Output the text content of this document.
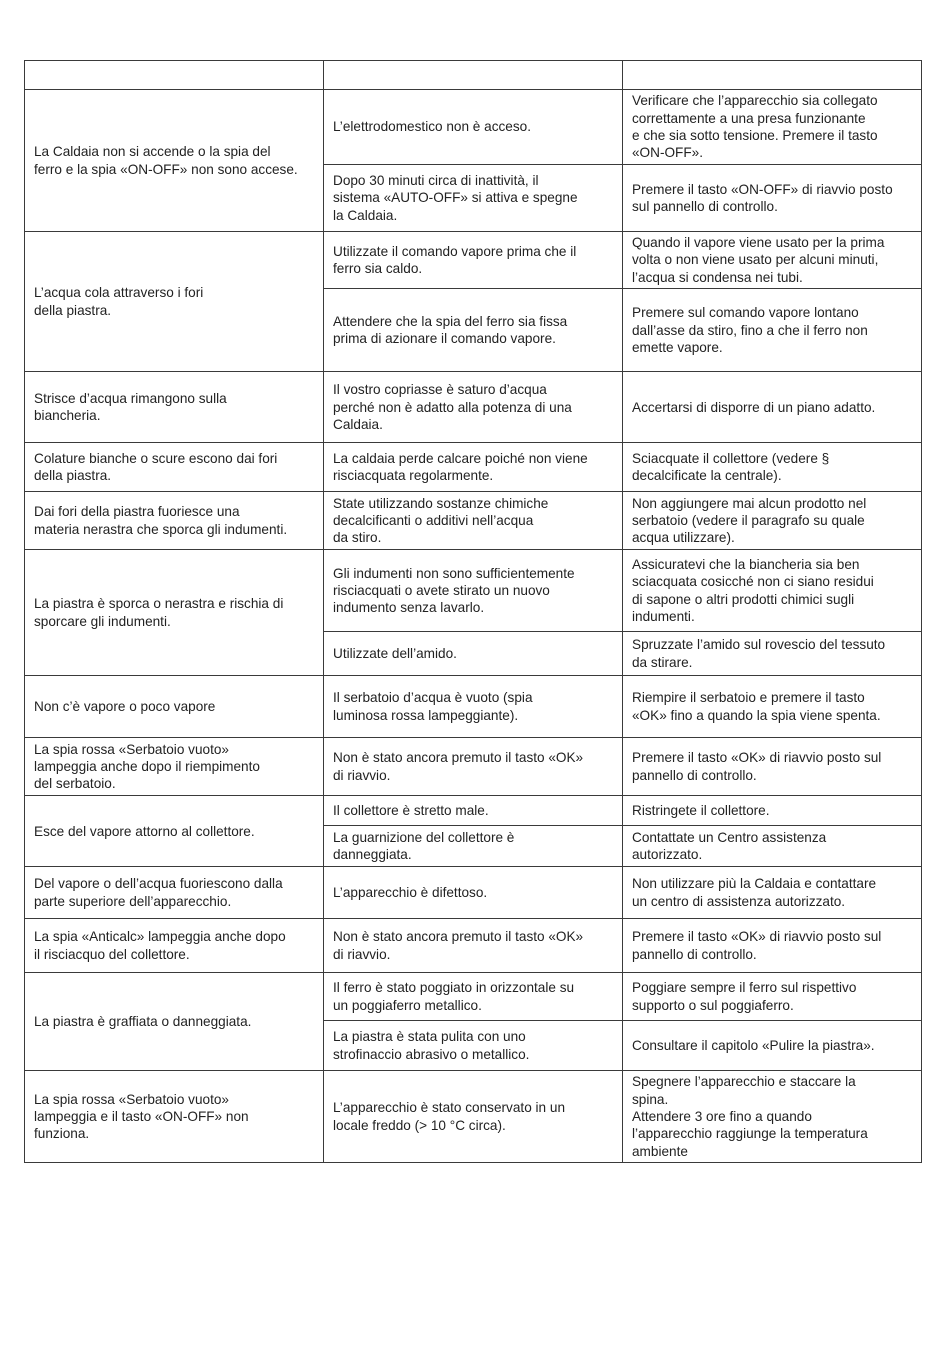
La Caldaia non si accende o la spia del
ferro e la spia «ON-OFF» non sono accese.	L’elettrodomestico non è acceso.	Verificare che l’apparecchio sia collegato
correttamente a una presa funzionante
e che sia sotto tensione. Premere il tasto
«ON-OFF».
	Dopo 30 minuti circa di inattività, il
sistema «AUTO-OFF» si attiva e spegne
la Caldaia.	Premere il tasto «ON-OFF» di riavvio posto
sul pannello di controllo.
L’acqua cola attraverso i fori
della piastra.	Utilizzate il comando vapore prima che il
ferro sia caldo.	Quando il vapore viene usato per la prima
volta o non viene usato per alcuni minuti,
l’acqua si condensa nei tubi.
	Attendere che la spia del ferro sia fissa
prima di azionare il comando vapore.	Premere sul comando vapore lontano
dall’asse da stiro, fino a che il ferro non
emette vapore.
Strisce d’acqua rimangono sulla
biancheria.	Il vostro copriasse è saturo d’acqua
perché non è adatto alla potenza di una
Caldaia.	Accertarsi di disporre di un piano adatto.
Colature bianche o scure escono dai fori
della piastra.	La caldaia perde calcare poiché non viene
risciacquata regolarmente.	Sciacquate il collettore (vedere §
decalcificate la centrale).
Dai fori della piastra fuoriesce una
materia nerastra che sporca gli indumenti.	State utilizzando sostanze chimiche
decalcificanti o additivi nell’acqua
da stiro.	Non aggiungere mai alcun prodotto nel
serbatoio (vedere il paragrafo su quale
acqua utilizzare).
La piastra è sporca o nerastra e rischia di
sporcare gli indumenti.	Gli indumenti non sono sufficientemente
risciacquati o avete stirato un nuovo
indumento senza lavarlo.	Assicuratevi che la biancheria sia ben
sciacquata cosicché non ci siano residui
di sapone o altri prodotti chimici sugli
indumenti.
	Utilizzate dell’amido.	Spruzzate l’amido sul rovescio del tessuto
da stirare.
Non c’è vapore o poco vapore	Il serbatoio d’acqua è vuoto (spia
luminosa rossa lampeggiante).	Riempire il serbatoio e premere il tasto
«OK» fino a quando la spia viene spenta.
La spia rossa «Serbatoio vuoto»
lampeggia anche dopo il riempimento
del serbatoio.	Non è stato ancora premuto il tasto «OK»
di riavvio.	Premere il tasto «OK» di riavvio posto sul
pannello di controllo.
Esce del vapore attorno al collettore.	Il collettore è stretto male.	Ristringete il collettore.
	La guarnizione del collettore è
danneggiata.	Contattate un Centro assistenza
autorizzato.
Del vapore o dell’acqua fuoriescono dalla
parte superiore dell’apparecchio.	L’apparecchio è difettoso.	Non utilizzare più la Caldaia e contattare
un centro di assistenza autorizzato.
La spia «Anticalc» lampeggia anche dopo
il risciacquo del collettore.	Non è stato ancora premuto il tasto «OK»
di riavvio.	Premere il tasto «OK» di riavvio posto sul
pannello di controllo.
La piastra è graffiata o danneggiata.	Il ferro è stato poggiato in orizzontale su
un poggiaferro metallico.	Poggiare sempre il ferro sul rispettivo
supporto o sul poggiaferro.
	La piastra è stata pulita con uno
strofinaccio abrasivo o metallico.	Consultare il capitolo «Pulire la piastra».
La spia rossa «Serbatoio vuoto»
lampeggia e il tasto «ON-OFF» non
funziona.	L’apparecchio è stato conservato in un
locale freddo (> 10 °C circa).	Spegnere l’apparecchio e staccare la
spina.
Attendere 3 ore fino a quando
l’apparecchio raggiunge la temperatura
ambiente
